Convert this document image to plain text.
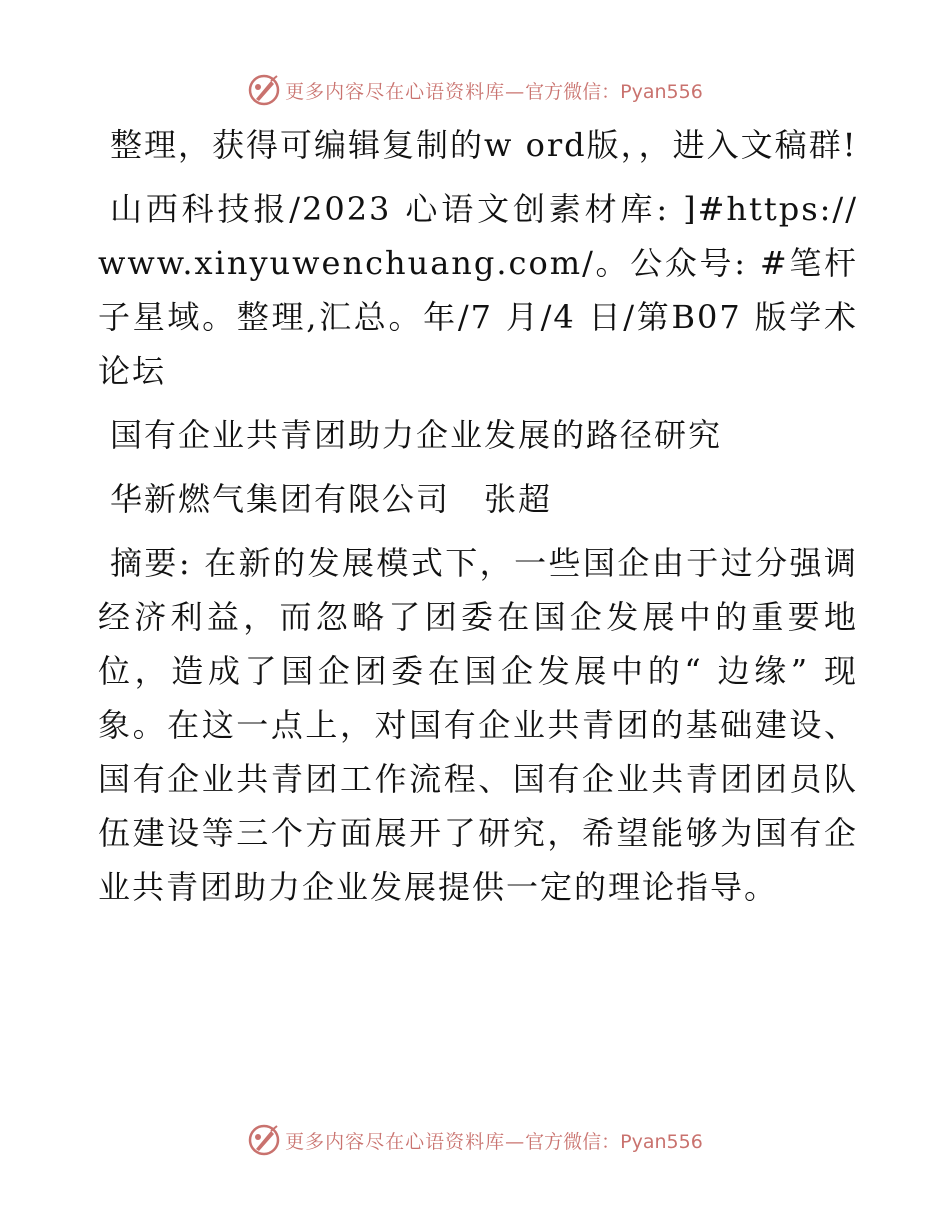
更多内容尽在心语资料库— 官方微信：Pyan556

整理，获得可编辑复制的w ord版，，进入文稿群!

山西科技报/2023 心语文创素材库: ]#https://www.xinyuwenchuang.com/。公众号: #笔杆子星域。整理,汇总。年/7 月/4 日/第B07 版学术论坛

国有企业共青团助力企业发展的路径研究

华新燃气集团有限公司　张超

摘要: 在新的发展模式下，一些国企由于过分强调经济利益，而忽略了团委在国企发展中的重要地位，造成了国企团委在国企发展中的“ 边缘” 现象。在这一点上，对国有企业共青团的基础建设、国有企业共青团工作流程、国有企业共青团团员队伍建设等三个方面展开了研究，希望能够为国有企业共青团助力企业发展提供一定的理论指导。

更多内容尽在心语资料库— 官方微信：Pyan556
